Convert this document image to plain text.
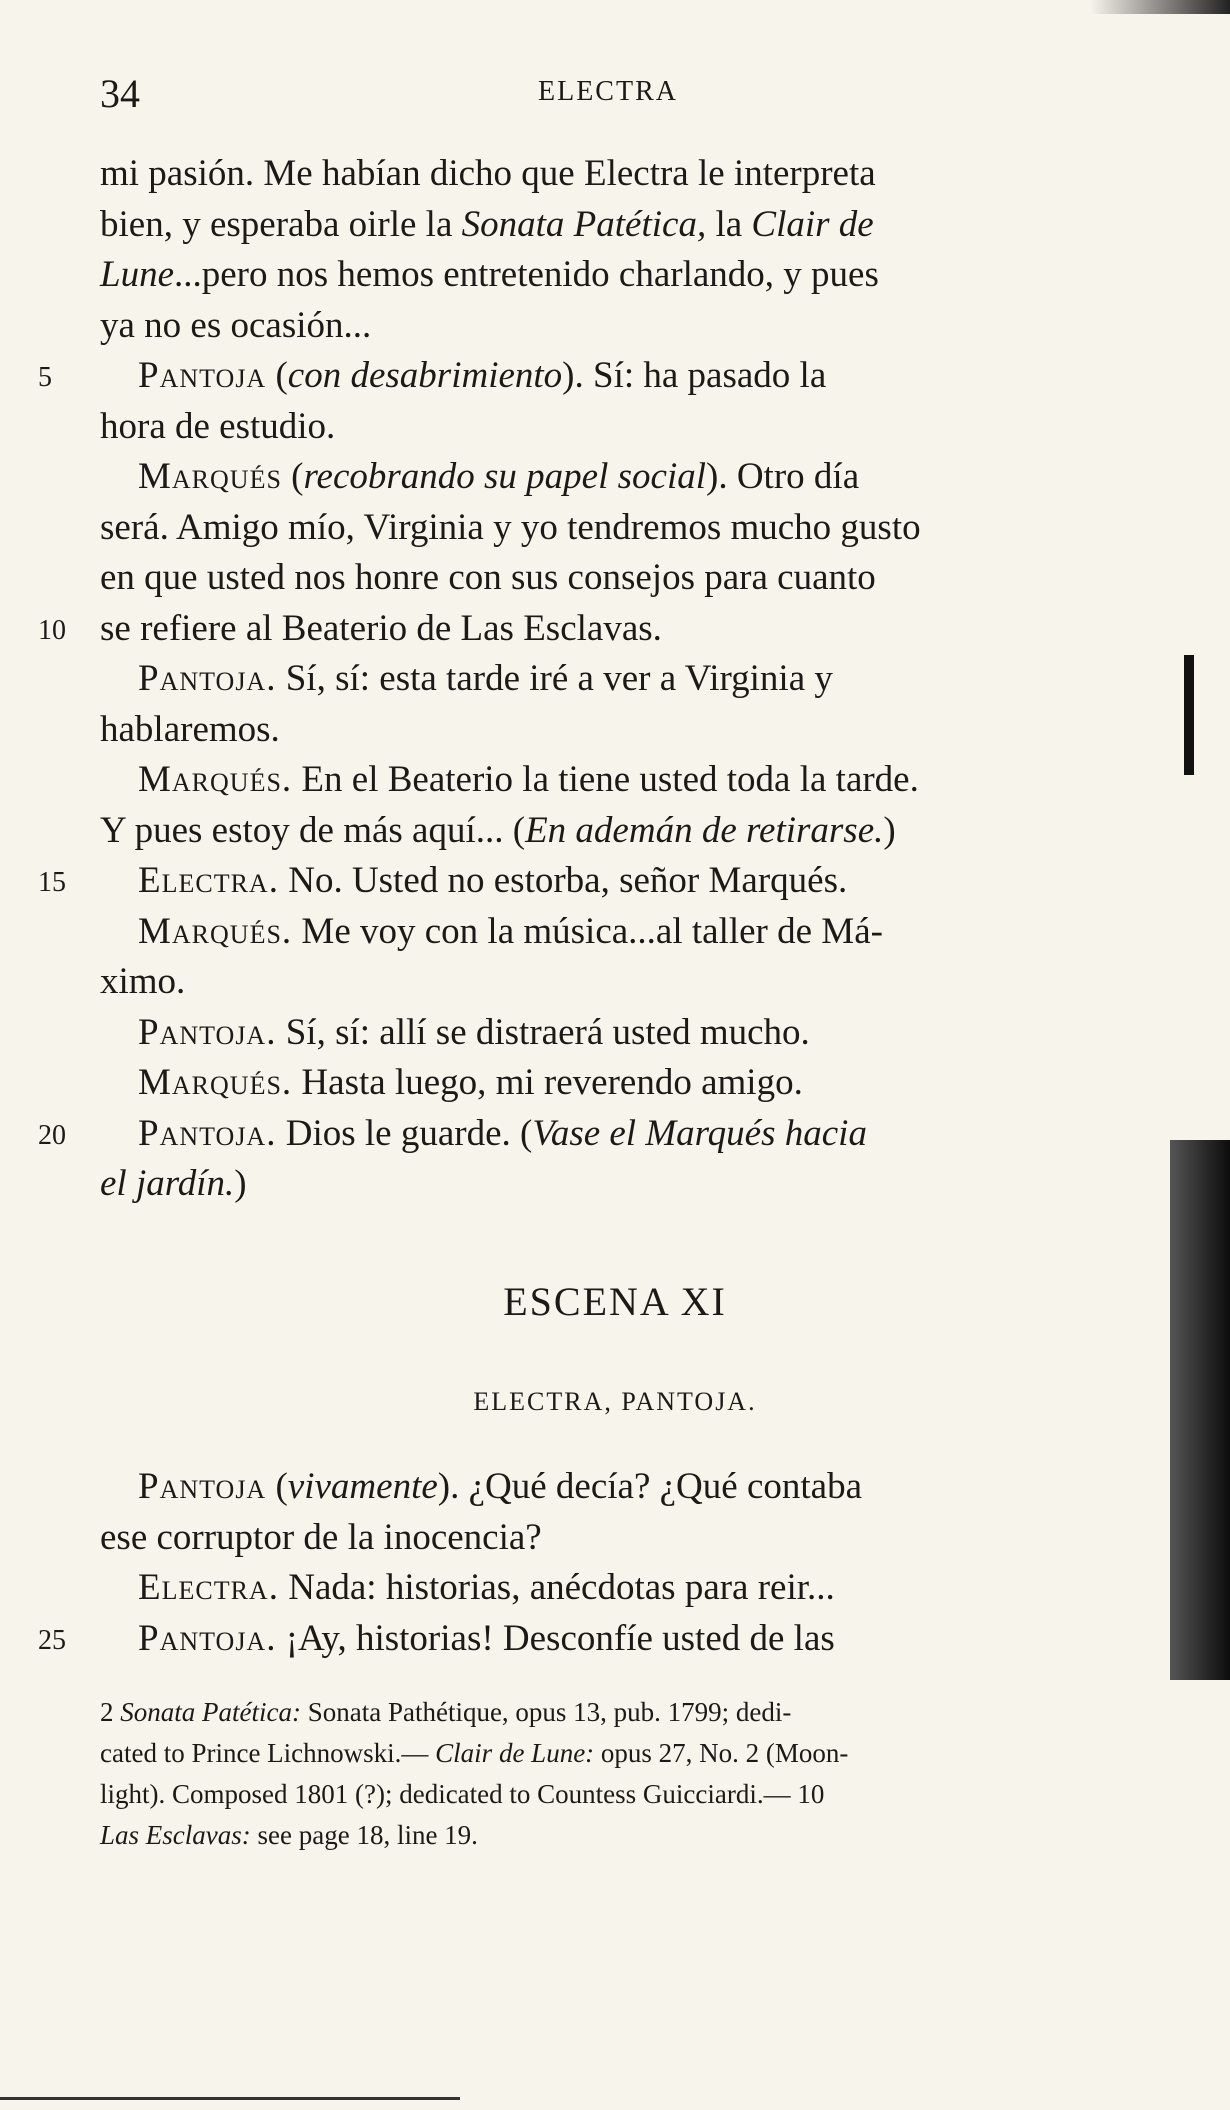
34	ELECTRA
mi pasión. Me habían dicho que Electra le interpreta
bien, y esperaba oirle la Sonata Patética, la Clair de
Lune...pero nos hemos entretenido charlando, y pues
ya no es ocasión...
Pantoja (con desabrimiento). Sí: ha pasado la
5
hora de estudio.
Marqués (recobrando su papel social). Otro día
será. Amigo mío, Virginia y yo tendremos mucho gusto
en que usted nos honre con sus consejos para cuanto
se refiere al Beaterio de Las Esclavas.
10
Pantoja. Sí, sí: esta tarde iré a ver a Virginia y
hablaremos.
Marqués. En el Beaterio la tiene usted toda la tarde.
Y pues estoy de más aquí... (En ademán de retirarse.)
Electra. No. Usted no estorba, señor Marqués.
15
Marqués. Me voy con la música...al taller de Má-
ximo.
Pantoja. Sí, sí: allí se distraerá usted mucho.
Marqués. Hasta luego, mi reverendo amigo.
Pantoja. Dios le guarde. (Vase el Marqués hacia
20
el jardín.)
ESCENA XI
ELECTRA, PANTOJA.
Pantoja (vivamente). ¿Qué decía? ¿Qué contaba
ese corruptor de la inocencia?
Electra. Nada: historias, anécdotas para reir...
Pantoja. ¡Ay, historias! Desconfíe usted de las
25
2 Sonata Patética: Sonata Pathétique, opus 13, pub. 1799; dedi-
cated to Prince Lichnowski.— Clair de Lune: opus 27, No. 2 (Moon-
light). Composed 1801 (?); dedicated to Countess Guicciardi.— 10
Las Esclavas: see page 18, line 19.
